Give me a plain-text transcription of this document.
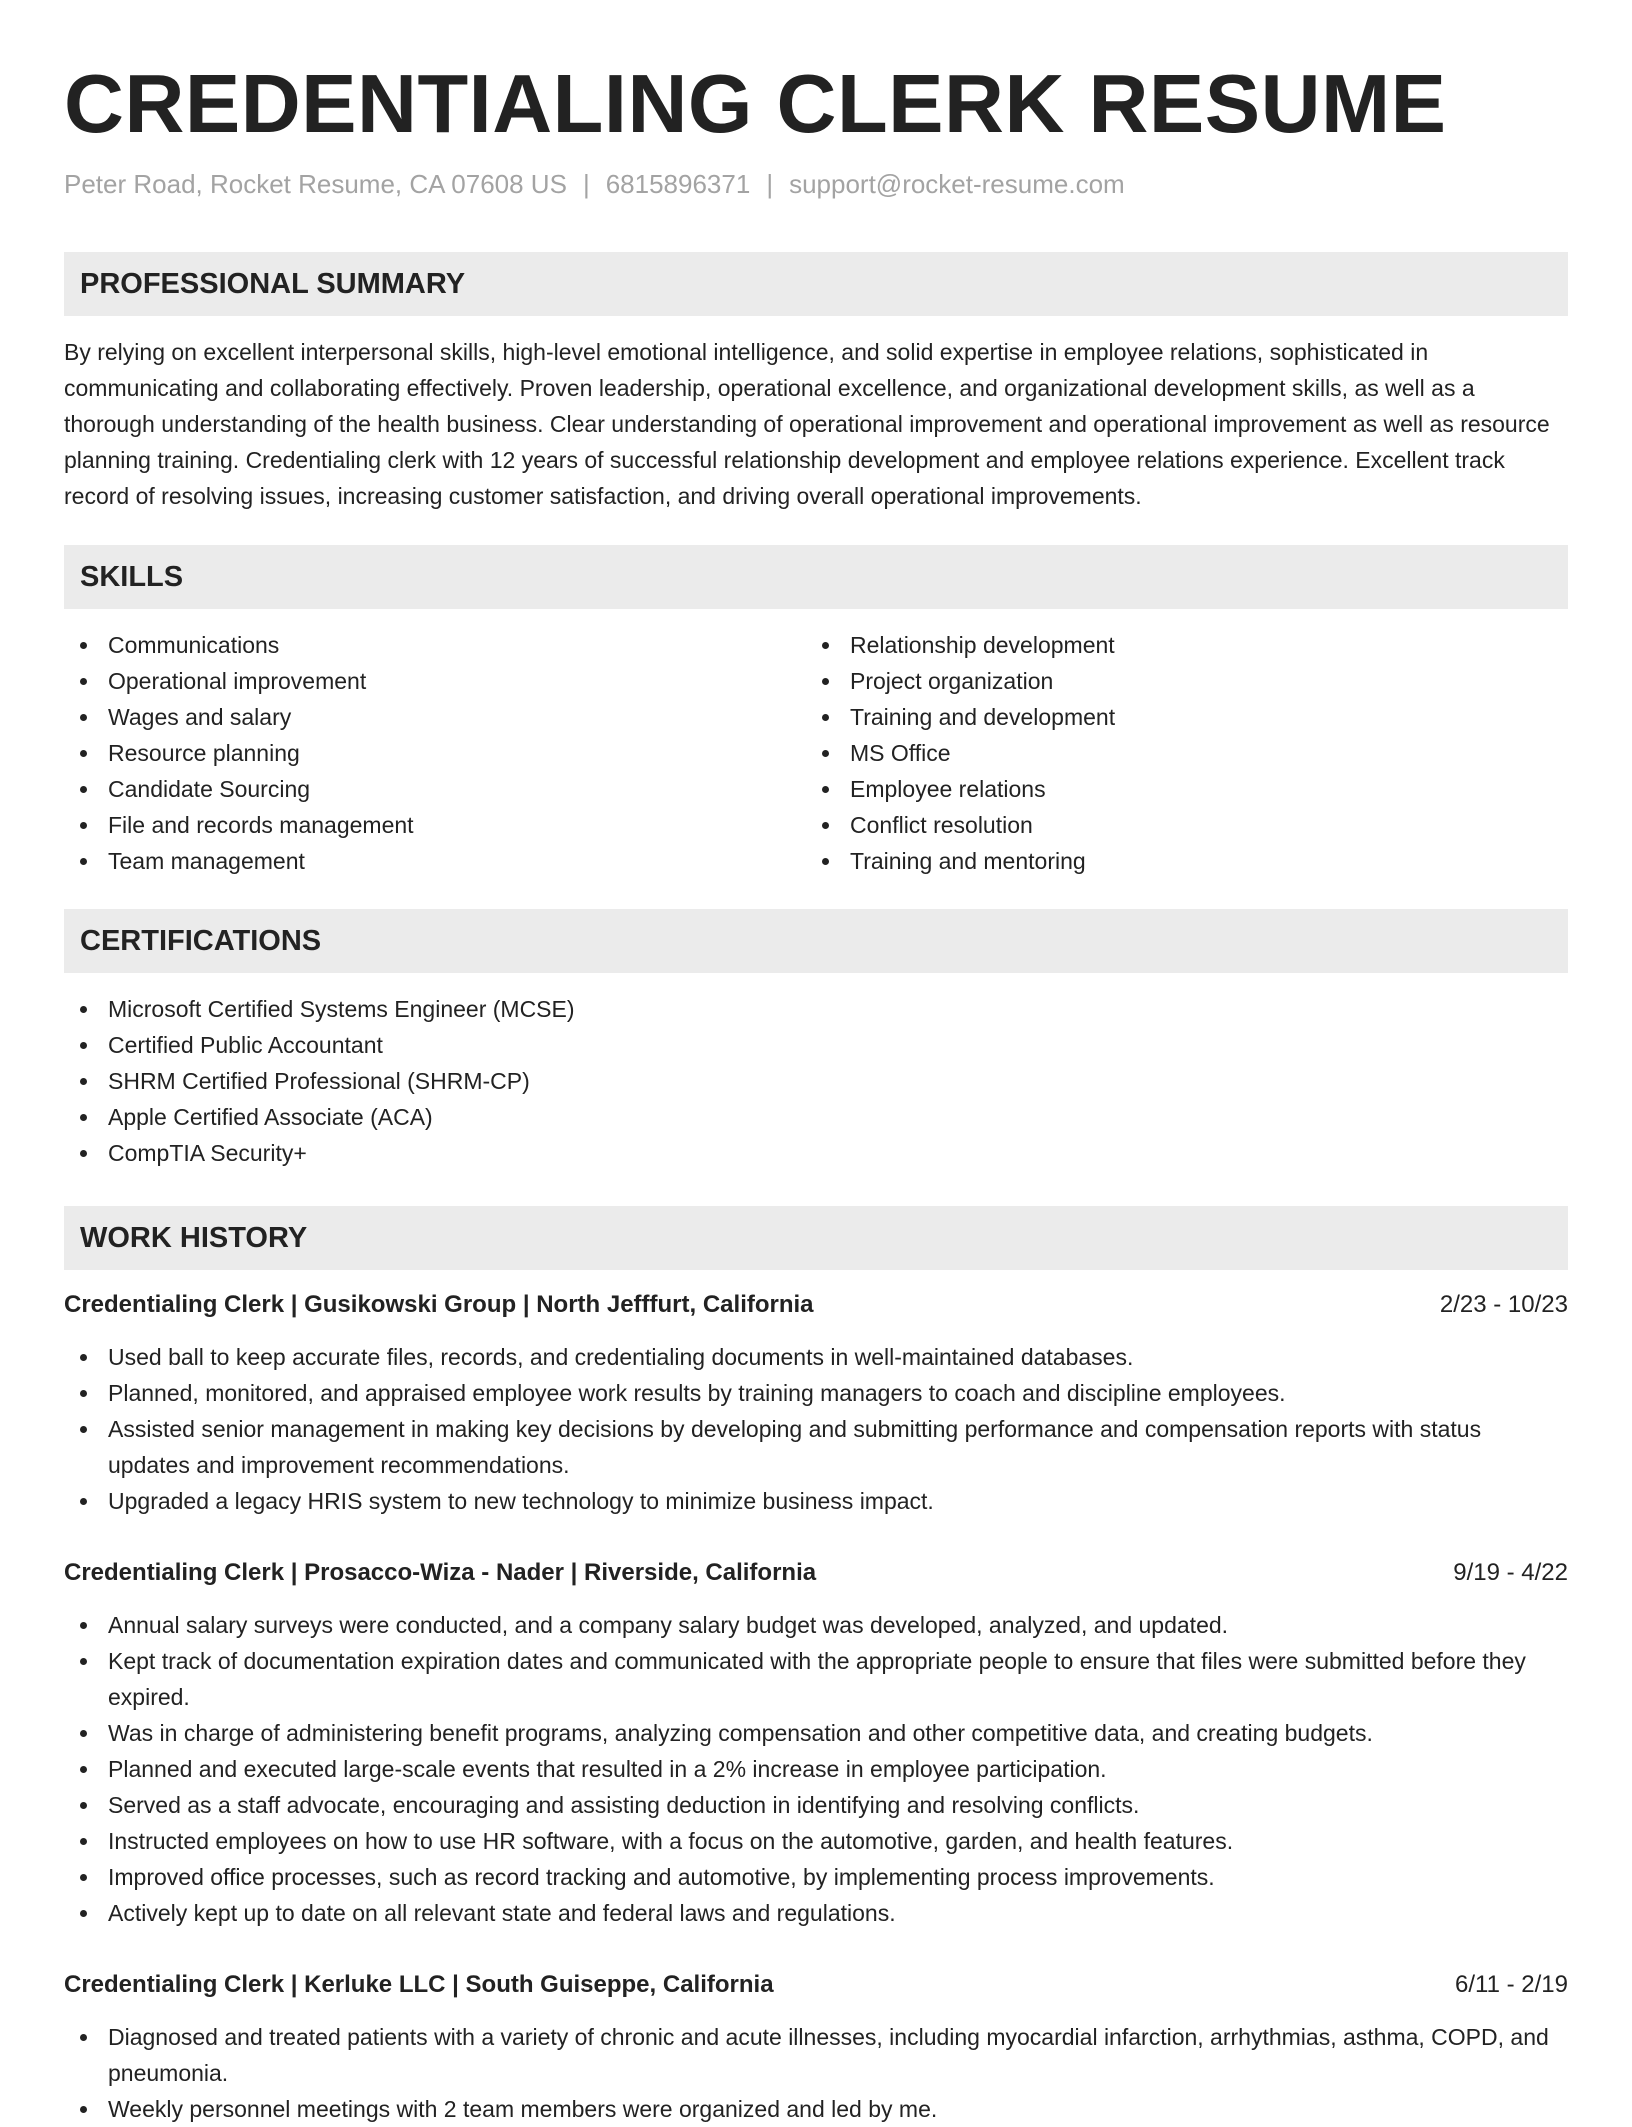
CREDENTIALING CLERK RESUME
Peter Road, Rocket Resume, CA 07608 US | 6815896371 | support@rocket-resume.com
PROFESSIONAL SUMMARY

By relying on excellent interpersonal skills, high-level emotional intelligence, and solid expertise in employee relations, sophisticated in communicating and collaborating effectively. Proven leadership, operational excellence, and organizational development skills, as well as a thorough understanding of the health business. Clear understanding of operational improvement and operational improvement as well as resource planning training. Credentialing clerk with 12 years of successful relationship development and employee relations experience. Excellent track record of resolving issues, increasing customer satisfaction, and driving overall operational improvements.

SKILLS
Communications
Operational improvement
Wages and salary
Resource planning
Candidate Sourcing
File and records management
Team management
Relationship development
Project organization
Training and development
MS Office
Employee relations
Conflict resolution
Training and mentoring
CERTIFICATIONS
Microsoft Certified Systems Engineer (MCSE)
Certified Public Accountant
SHRM Certified Professional (SHRM-CP)
Apple Certified Associate (ACA)
CompTIA Security+
WORK HISTORY
Credentialing Clerk | Gusikowski Group | North Jefffurt, California	2/23 - 10/23
Used ball to keep accurate files, records, and credentialing documents in well-maintained databases.
Planned, monitored, and appraised employee work results by training managers to coach and discipline employees.
Assisted senior management in making key decisions by developing and submitting performance and compensation reports with status updates and improvement recommendations.
Upgraded a legacy HRIS system to new technology to minimize business impact.
Credentialing Clerk | Prosacco-Wiza - Nader | Riverside, California	9/19 - 4/22
Annual salary surveys were conducted, and a company salary budget was developed, analyzed, and updated.
Kept track of documentation expiration dates and communicated with the appropriate people to ensure that files were submitted before they expired.
Was in charge of administering benefit programs, analyzing compensation and other competitive data, and creating budgets.
Planned and executed large-scale events that resulted in a 2% increase in employee participation.
Served as a staff advocate, encouraging and assisting deduction in identifying and resolving conflicts.
Instructed employees on how to use HR software, with a focus on the automotive, garden, and health features.
Improved office processes, such as record tracking and automotive, by implementing process improvements.
Actively kept up to date on all relevant state and federal laws and regulations.
Credentialing Clerk | Kerluke LLC | South Guiseppe, California	6/11 - 2/19
Diagnosed and treated patients with a variety of chronic and acute illnesses, including myocardial infarction, arrhythmias, asthma, COPD, and pneumonia.
Weekly personnel meetings with 2 team members were organized and led by me.
